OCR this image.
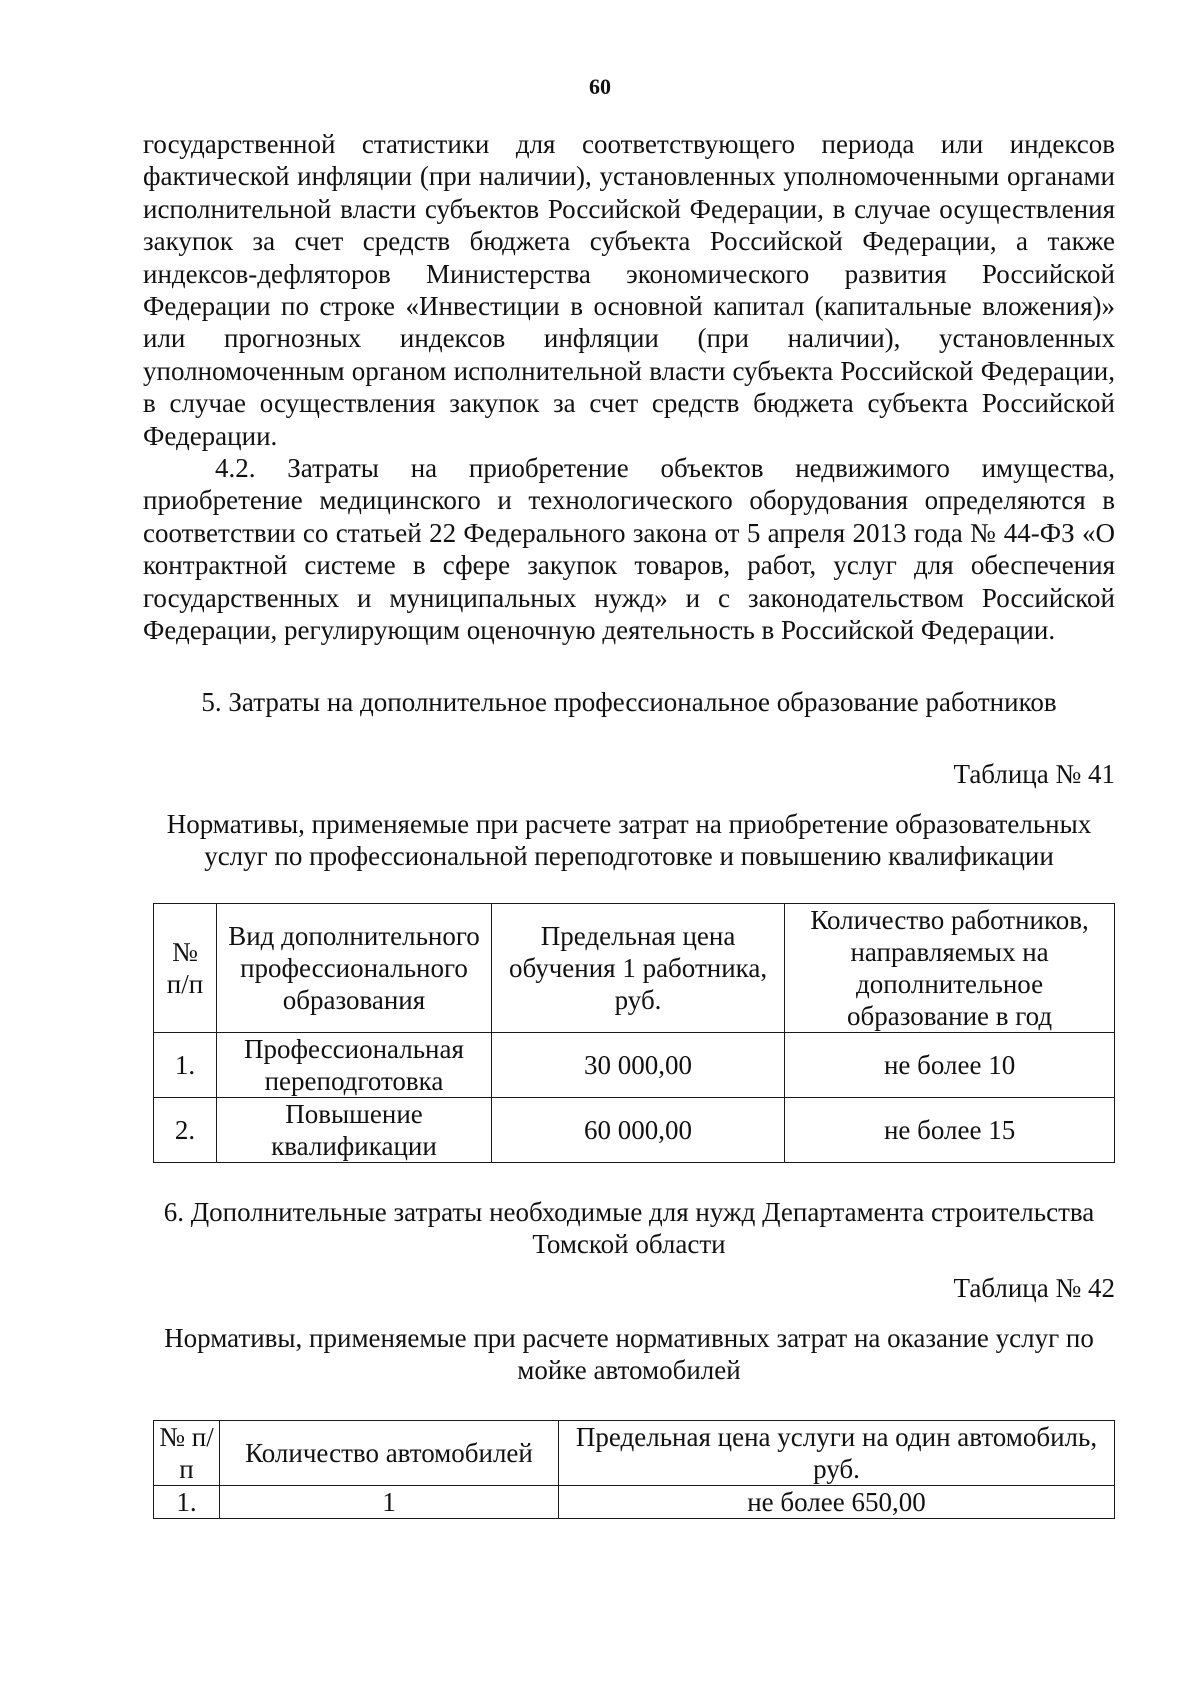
60
государственной статистики для соответствующего периода или индексов фактической инфляции (при наличии), установленных уполномоченными органами исполнительной власти субъектов Российской Федерации, в случае осуществления закупок за счет средств бюджета субъекта Российской Федерации, а также индексов-дефляторов Министерства экономического развития Российской Федерации по строке «Инвестиции в основной капитал (капитальные вложения)» или прогнозных индексов инфляции (при наличии), установленных уполномоченным органом исполнительной власти субъекта Российской Федерации, в случае осуществления закупок за счет средств бюджета субъекта Российской Федерации.
4.2. Затраты на приобретение объектов недвижимого имущества, приобретение медицинского и технологического оборудования определяются в соответствии со статьей 22 Федерального закона от 5 апреля 2013 года № 44-ФЗ «О контрактной системе в сфере закупок товаров, работ, услуг для обеспечения государственных и муниципальных нужд» и с законодательством Российской Федерации, регулирующим оценочную деятельность в Российской Федерации.
5. Затраты на дополнительное профессиональное образование работников
Таблица № 41
Нормативы, применяемые при расчете затрат на приобретение образовательных услуг по профессиональной переподготовке и повышению квалификации
№ п/п	Вид дополнительного профессионального образования	Предельная цена обучения 1 работника, руб.	Количество работников, направляемых на дополнительное образование в год
1.	Профессиональная переподготовка	30 000,00	не более 10
2.	Повышение квалификации	60 000,00	не более 15
6. Дополнительные затраты необходимые для нужд Департамента строительства Томской области
Таблица № 42
Нормативы, применяемые при расчете нормативных затрат на оказание услуг по мойке автомобилей
№ п/п	Количество автомобилей	Предельная цена услуги на один автомобиль, руб.
1.	1	не более 650,00
